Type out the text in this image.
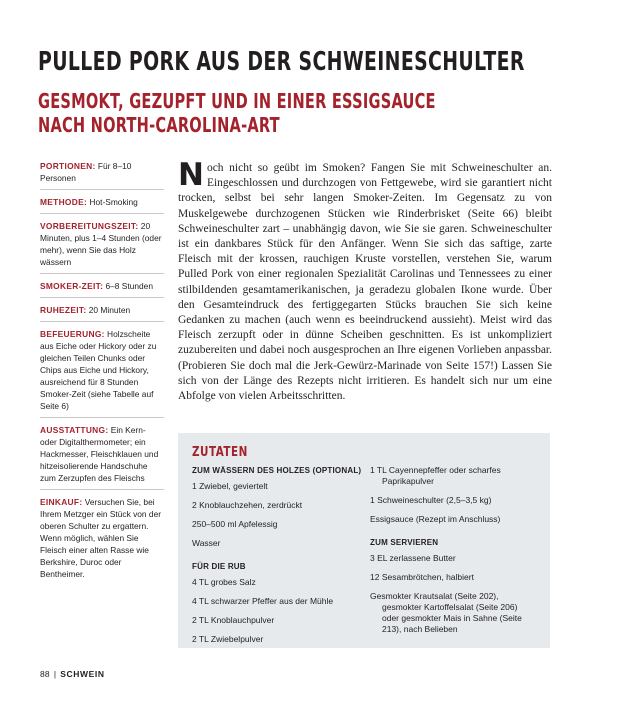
PULLED PORK AUS DER SCHWEINESCHULTER
GESMOKT, GEZUPFT UND IN EINER ESSIGSAUCE
NACH NORTH-CAROLINA-ART
PORTIONEN: Für 8–10 Personen
METHODE: Hot-Smoking
VORBEREITUNGSZEIT: 20 Minuten, plus 1–4 Stunden (oder mehr), wenn Sie das Holz wässern
SMOKER-ZEIT: 6–8 Stunden
RUHEZEIT: 20 Minuten
BEFEUERUNG: Holzscheite aus Eiche oder Hickory oder zu gleichen Teilen Chunks oder Chips aus Eiche und Hickory, ausreichend für 8 Stunden Smoker-Zeit (siehe Tabelle auf Seite 6)
AUSSTATTUNG: Ein Kern- oder Digitalthermometer; ein Hackmesser, Fleischklauen und hitzeisolierende Handschuhe zum Zerzupfen des Fleischs
EINKAUF: Versuchen Sie, bei Ihrem Metzger ein Stück von der oberen Schulter zu ergattern. Wenn möglich, wählen Sie Fleisch einer alten Rasse wie Berkshire, Duroc oder Bentheimer.
Noch nicht so geübt im Smoken? Fangen Sie mit Schweineschulter an. Eingeschlossen und durchzogen von Fettgewebe, wird sie garantiert nicht trocken, selbst bei sehr langen Smoker-Zeiten. Im Gegensatz zu von Muskelgewebe durchzogenen Stücken wie Rinderbrisket (Seite 66) bleibt Schweineschulter zart – unabhängig davon, wie Sie sie garen. Schweineschulter ist ein dankbares Stück für den Anfänger. Wenn Sie sich das saftige, zarte Fleisch mit der krossen, rauchigen Kruste vorstellen, verstehen Sie, warum Pulled Pork von einer regionalen Spezialität Carolinas und Tennessees zu einer stilbildenden gesamtamerikanischen, ja geradezu globalen Ikone wurde. Über den Gesamteindruck des fertiggegarten Stücks brauchen Sie sich keine Gedanken zu machen (auch wenn es beeindruckend aussieht). Meist wird das Fleisch zerzupft oder in dünne Scheiben geschnitten. Es ist unkompliziert zuzubereiten und dabei noch ausgesprochen an Ihre eigenen Vorlieben anpassbar. (Probieren Sie doch mal die Jerk-Gewürz-Marinade von Seite 157!) Lassen Sie sich von der Länge des Rezepts nicht irritieren. Es handelt sich nur um eine Abfolge von vielen Arbeitsschritten.
ZUTATEN
ZUM WÄSSERN DES HOLZES (OPTIONAL)
1 Zwiebel, geviertelt
2 Knoblauchzehen, zerdrückt
250–500 ml Apfelessig
Wasser
FÜR DIE RUB
4 TL grobes Salz
4 TL schwarzer Pfeffer aus der Mühle
2 TL Knoblauchpulver
2 TL Zwiebelpulver
1 TL Cayennepfeffer oder scharfes
Paprikapulver
1 Schweineschulter (2,5–3,5 kg)
Essigsauce (Rezept im Anschluss)
ZUM SERVIEREN
3 EL zerlassene Butter
12 Sesambrötchen, halbiert
Gesmokter Krautsalat (Seite 202),
gesmokter Kartoffelsalat (Seite 206) oder gesmokter Mais in Sahne (Seite 213), nach Belieben
88 | SCHWEIN
